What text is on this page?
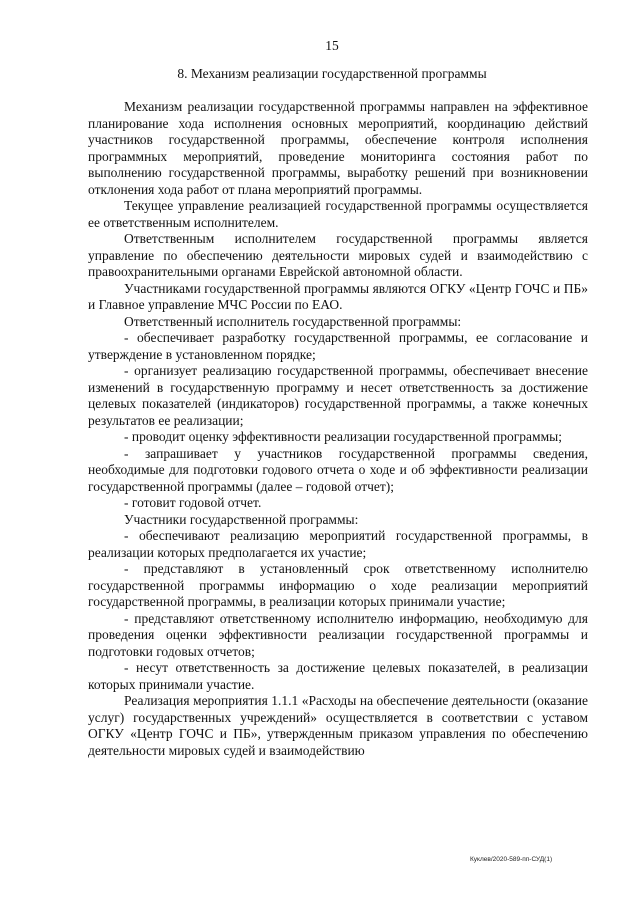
15
8. Механизм реализации государственной программы

Механизм реализации государственной программы направлен на эффективное планирование хода исполнения основных мероприятий, координацию действий участников государственной программы, обеспечение контроля исполнения программных мероприятий, проведение мониторинга состояния работ по выполнению государственной программы, выработку решений при возникновении отклонения хода работ от плана мероприятий программы.

Текущее управление реализацией государственной программы осуществляется ее ответственным исполнителем.

Ответственным исполнителем государственной программы является управление по обеспечению деятельности мировых судей и взаимодействию с правоохранительными органами Еврейской автономной области.

Участниками государственной программы являются ОГКУ «Центр ГОЧС и ПБ» и Главное управление МЧС России по ЕАО.

Ответственный исполнитель государственной программы:

- обеспечивает разработку государственной программы, ее согласование и утверждение в установленном порядке;

- организует реализацию государственной программы, обеспечивает внесение изменений в государственную программу и несет ответственность за достижение целевых показателей (индикаторов) государственной программы, а также конечных результатов ее реализации;

- проводит оценку эффективности реализации государственной программы;

- запрашивает у участников государственной программы сведения, необходимые для подготовки годового отчета о ходе и об эффективности реализации государственной программы (далее – годовой отчет);

- готовит годовой отчет.

Участники государственной программы:

- обеспечивают реализацию мероприятий государственной программы, в реализации которых предполагается их участие;

- представляют в установленный срок ответственному исполнителю государственной программы информацию о ходе реализации мероприятий государственной программы, в реализации которых принимали участие;

- представляют ответственному исполнителю информацию, необходимую для проведения оценки эффективности реализации государственной программы и подготовки годовых отчетов;

- несут ответственность за достижение целевых показателей, в реализации которых принимали участие.

Реализация мероприятия 1.1.1 «Расходы на обеспечение деятельности (оказание услуг) государственных учреждений» осуществляется в соответствии с уставом ОГКУ «Центр ГОЧС и ПБ», утвержденным приказом управления по обеспечению деятельности мировых судей и взаимодействию

Куклев/2020-589-пп-СУД(1)
